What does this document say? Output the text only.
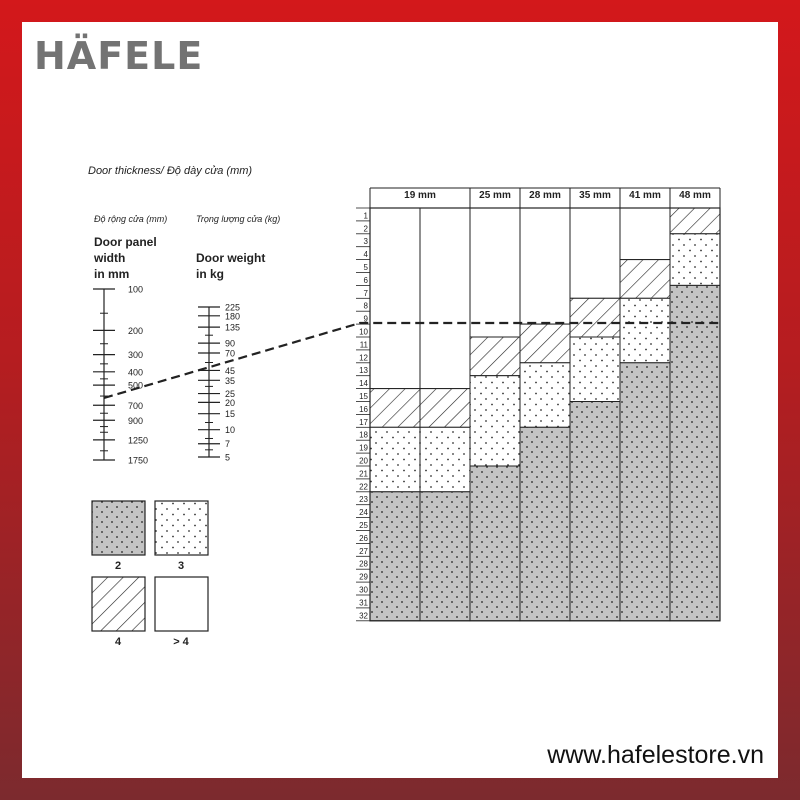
HÄFELE
www.hafelestore.vn
Door thickness/ Độ dày cửa (mm)
Độ rộng cửa (mm)
Door panel
width
in mm
Trọng lượng cửa (kg)
Door weight
in kg
100
200
300
400
500
700
900
1250
1750
225
180
135
90
70
45
35
25
20
15
10
7
5
19 mm	25 mm 28 mm 35 mm 41 mm 48 mm
1
2
3
4
5
6
7
8
9
10
11
12
13
14
15
16
17
18
19
20
21
22
23
24
25
26
27
28
29
30
31
32
2	3
4	> 4
